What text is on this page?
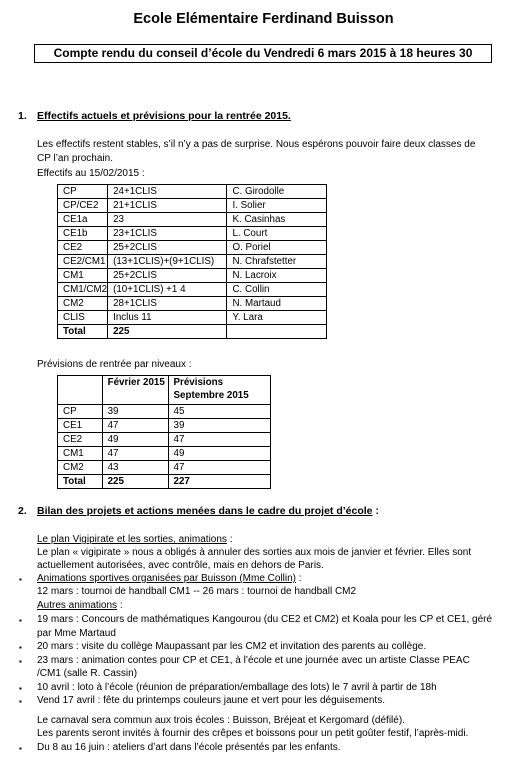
Ecole Elémentaire Ferdinand Buisson
Compte rendu du conseil d’école du Vendredi 6 mars 2015 à 18 heures 30
1. Effectifs actuels et prévisions pour la rentrée 2015.
Les effectifs restent stables, s’il n’y a pas de surprise. Nous espérons pouvoir faire deux classes de
CP l’an prochain.
Effectifs au 15/02/2015 :
CP	24+1CLIS	C. Girodolle
CP/CE2	21+1CLIS	I. Solier
CE1a	23	K. Casinhas
CE1b	23+1CLIS	L. Court
CE2	25+2CLIS	O. Poriel
CE2/CM1	(13+1CLIS)+(9+1CLIS)	N. Chrafstetter
CM1	25+2CLIS	N. Lacroix
CM1/CM2	(10+1CLIS) +1 4	C. Collin
CM2	28+1CLIS	N. Martaud
CLIS	Inclus 11	Y. Lara
Total	225	
Prévisions de rentrée par niveaux :
	Février 2015	Prévisions
Septembre 2015

CP	39	45
CE1	47	39
CE2	49	47
CM1	47	49
CM2	43	47
Total	225	227
2. Bilan des projets et actions menées dans le cadre du projet d’école :
Le plan Vigipirate et les sorties, animations :
Le plan « vigipirate » nous a obligés à annuler des sorties aux mois de janvier et février. Elles sont
actuellement autorisées, avec contrôle, mais en dehors de Paris.
▪ Animations sportives organisées par Buisson (Mme Collin) :
12 mars : tournoi de handball CM1 -- 26 mars : tournoi de handball CM2
Autres animations :
▪ 19 mars : Concours de mathématiques Kangourou (du CE2 et CM2) et Koala pour les CP et CE1, géré
par Mme Martaud
▪ 20 mars : visite du collège Maupassant par les CM2 et invitation des parents au collège.
▪ 23 mars : animation contes pour CP et CE1, à l’école et une journée avec un artiste Classe PEAC
/CM1 (salle R. Cassin)
▪ 10 avril : loto à l’école (réunion de préparation/emballage des lots) le 7 avril à partir de 18h
▪ Vend 17 avril : fête du printemps couleurs jaune et vert pour les déguisements.
Le carnaval sera commun aux trois écoles : Buisson, Bréjeat et Kergomard (défilé).
Les parents seront invités à fournir des crêpes et boissons pour un petit goûter festif, l’après-midi.
▪ Du 8 au 16 juin : ateliers d’art dans l’école présentés par les enfants.
